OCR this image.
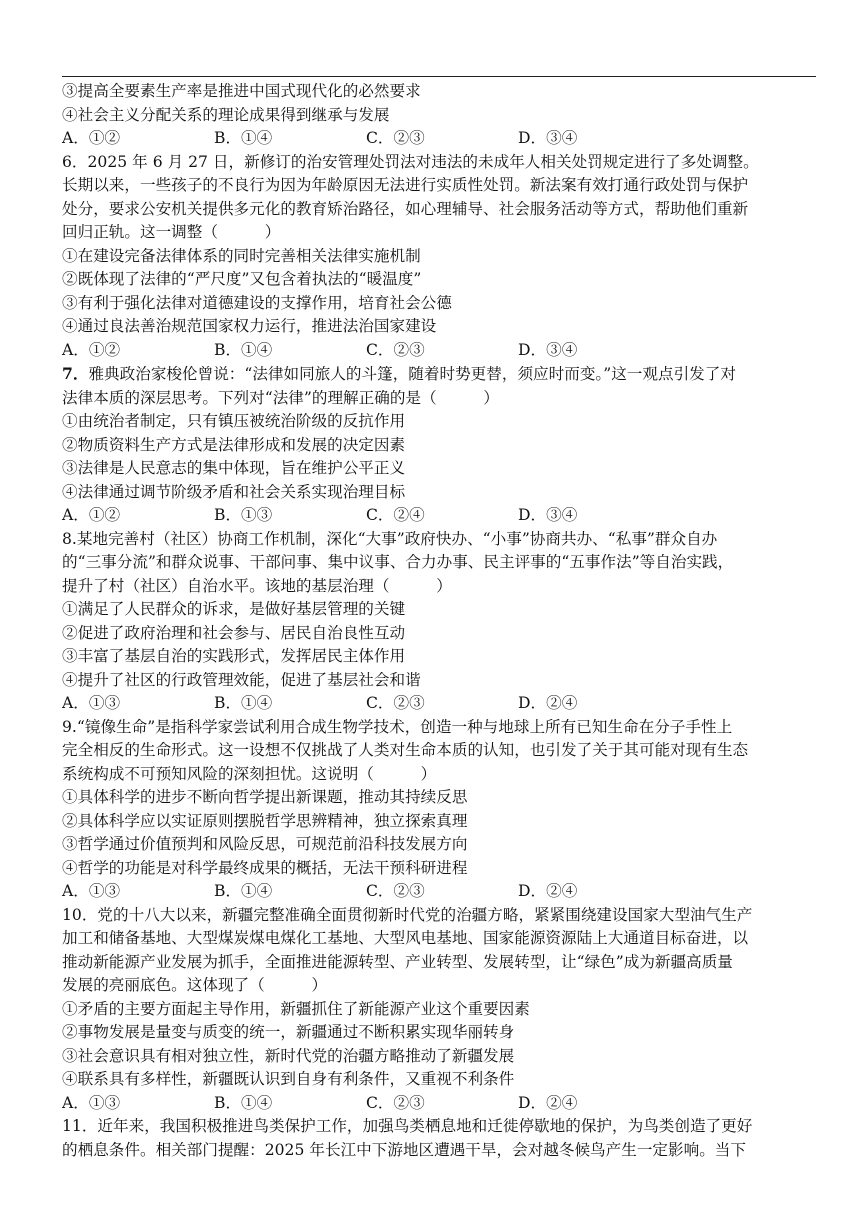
③提高全要素生产率是推进中国式现代化的必然要求
④社会主义分配关系的理论成果得到继承与发展
A．①②	B．①④	C．②③	D．③④
6．2025 年 6 月 27 日，新修订的治安管理处罚法对违法的未成年人相关处罚规定进行了多处调整。
长期以来，一些孩子的不良行为因为年龄原因无法进行实质性处罚。新法案有效打通行政处罚与保护
处分，要求公安机关提供多元化的教育矫治路径，如心理辅导、社会服务活动等方式，帮助他们重新
回归正轨。这一调整（　　　）
①在建设完备法律体系的同时完善相关法律实施机制
②既体现了法律的“严尺度”又包含着执法的“暖温度”
③有利于强化法律对道德建设的支撑作用，培育社会公德
④通过良法善治规范国家权力运行，推进法治国家建设
A．①②	B．①④	C．②③	D．③④
7．雅典政治家梭伦曾说：“法律如同旅人的斗篷，随着时势更替，须应时而变。”这一观点引发了对
法律本质的深层思考。下列对“法律”的理解正确的是（　　　）
①由统治者制定，只有镇压被统治阶级的反抗作用
②物质资料生产方式是法律形成和发展的决定因素
③法律是人民意志的集中体现，旨在维护公平正义
④法律通过调节阶级矛盾和社会关系实现治理目标
A．①②	B．①③	C．②④	D．③④
8.某地完善村（社区）协商工作机制，深化“大事”政府快办、“小事”协商共办、“私事”群众自办
的“三事分流”和群众说事、干部问事、集中议事、合力办事、民主评事的“五事作法”等自治实践，
提升了村（社区）自治水平。该地的基层治理（　　　）
①满足了人民群众的诉求，是做好基层管理的关键
②促进了政府治理和社会参与、居民自治良性互动
③丰富了基层自治的实践形式，发挥居民主体作用
④提升了社区的行政管理效能，促进了基层社会和谐
A．①③	B．①④	C．②③	D．②④
9.“镜像生命”是指科学家尝试利用合成生物学技术，创造一种与地球上所有已知生命在分子手性上
完全相反的生命形式。这一设想不仅挑战了人类对生命本质的认知，也引发了关于其可能对现有生态
系统构成不可预知风险的深刻担忧。这说明（　　　）
①具体科学的进步不断向哲学提出新课题，推动其持续反思
②具体科学应以实证原则摆脱哲学思辨精神，独立探索真理
③哲学通过价值预判和风险反思，可规范前沿科技发展方向
④哲学的功能是对科学最终成果的概括，无法干预科研进程
A．①③	B．①④	C．②③	D．②④
10．党的十八大以来，新疆完整准确全面贯彻新时代党的治疆方略，紧紧围绕建设国家大型油气生产
加工和储备基地、大型煤炭煤电煤化工基地、大型风电基地、国家能源资源陆上大通道目标奋进，以
推动新能源产业发展为抓手，全面推进能源转型、产业转型、发展转型，让“绿色”成为新疆高质量
发展的亮丽底色。这体现了（　　　）
①矛盾的主要方面起主导作用，新疆抓住了新能源产业这个重要因素
②事物发展是量变与质变的统一，新疆通过不断积累实现华丽转身
③社会意识具有相对独立性，新时代党的治疆方略推动了新疆发展
④联系具有多样性，新疆既认识到自身有利条件，又重视不利条件
A．①③	B．①④	C．②③	D．②④
11．近年来，我国积极推进鸟类保护工作，加强鸟类栖息地和迁徙停歇地的保护，为鸟类创造了更好
的栖息条件。相关部门提醒：2025 年长江中下游地区遭遇干旱，会对越冬候鸟产生一定影响。当下
